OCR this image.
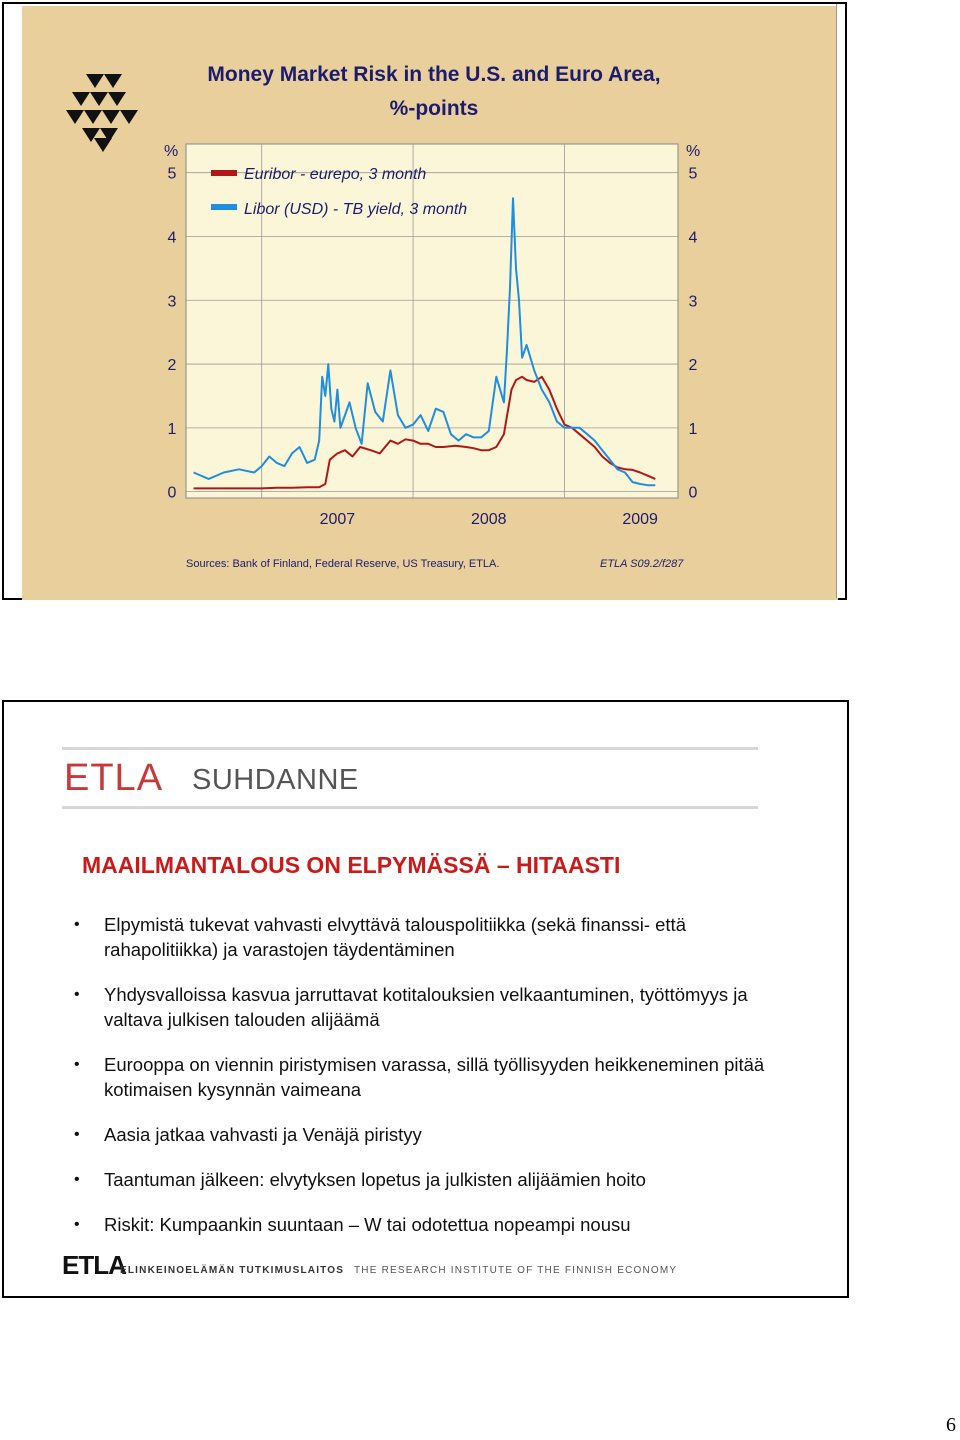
Money Market Risk in the U.S. and Euro Area,
%-points
0	0
1	1
2	2
3	3
4	4
5	5
2007	2008	2009
%	%
Euribor - eurepo, 3 month
Libor (USD) - TB yield, 3 month
Sources: Bank of Finland, Federal Reserve, US Treasury, ETLA.	ETLA S09.2/f287
ETLA SUHDANNE
MAAILMANTALOUS ON ELPYMÄSSÄ – HITAASTI
• Elpymistä tukevat vahvasti elvyttävä talouspolitiikka (sekä finanssi- että rahapolitiikka) ja varastojen täydentäminen
• Yhdysvalloissa kasvua jarruttavat kotitalouksien velkaantuminen, työttömyys ja valtava julkisen talouden alijäämä
• Eurooppa on viennin piristymisen varassa, sillä työllisyyden heikkeneminen pitää kotimaisen kysynnän vaimeana
• Aasia jatkaa vahvasti ja Venäjä piristyy
• Taantuman jälkeen: elvytyksen lopetus ja julkisten alijäämien hoito
• Riskit: Kumpaankin suuntaan – W tai odotettua nopeampi nousu
ETLA
ELINKEINOELÄMÄN TUTKIMUSLAITOS THE RESEARCH INSTITUTE OF THE FINNISH ECONOMY
6
